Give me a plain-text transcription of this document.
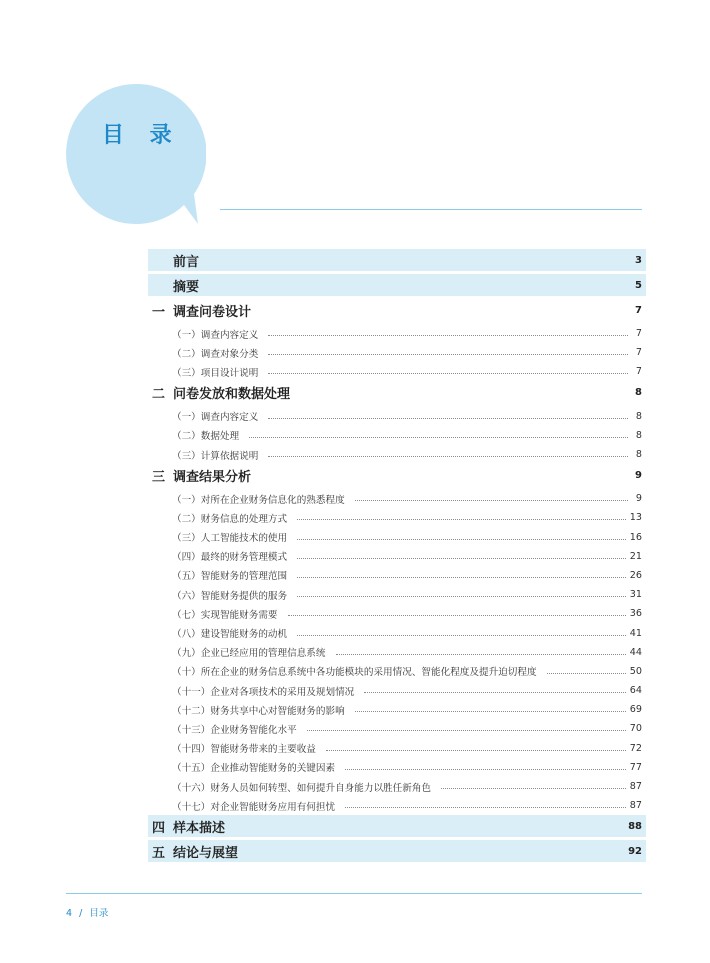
目 录
前言	3
摘要	5
一 调查问卷设计	7
（一）调查内容定义	7
（二）调查对象分类	7
（三）项目设计说明	7
二 问卷发放和数据处理	8
（一）调查内容定义	8
（二）数据处理	8
（三）计算依据说明	8
三 调查结果分析	9
（一）对所在企业财务信息化的熟悉程度	9
（二）财务信息的处理方式	13
（三）人工智能技术的使用	16
（四）最终的财务管理模式	21
（五）智能财务的管理范围	26
（六）智能财务提供的服务	31
（七）实现智能财务需要	36
（八）建设智能财务的动机	41
（九）企业已经应用的管理信息系统	44
（十）所在企业的财务信息系统中各功能模块的采用情况、智能化程度及提升迫切程度	50
（十一）企业对各项技术的采用及规划情况	64
（十二）财务共享中心对智能财务的影响	69
（十三）企业财务智能化水平	70
（十四）智能财务带来的主要收益	72
（十五）企业推动智能财务的关键因素	77
（十六）财务人员如何转型、如何提升自身能力以胜任新角色	87
（十七）对企业智能财务应用有何担忧	87
四 样本描述	88
五 结论与展望	92
4 / 目录
